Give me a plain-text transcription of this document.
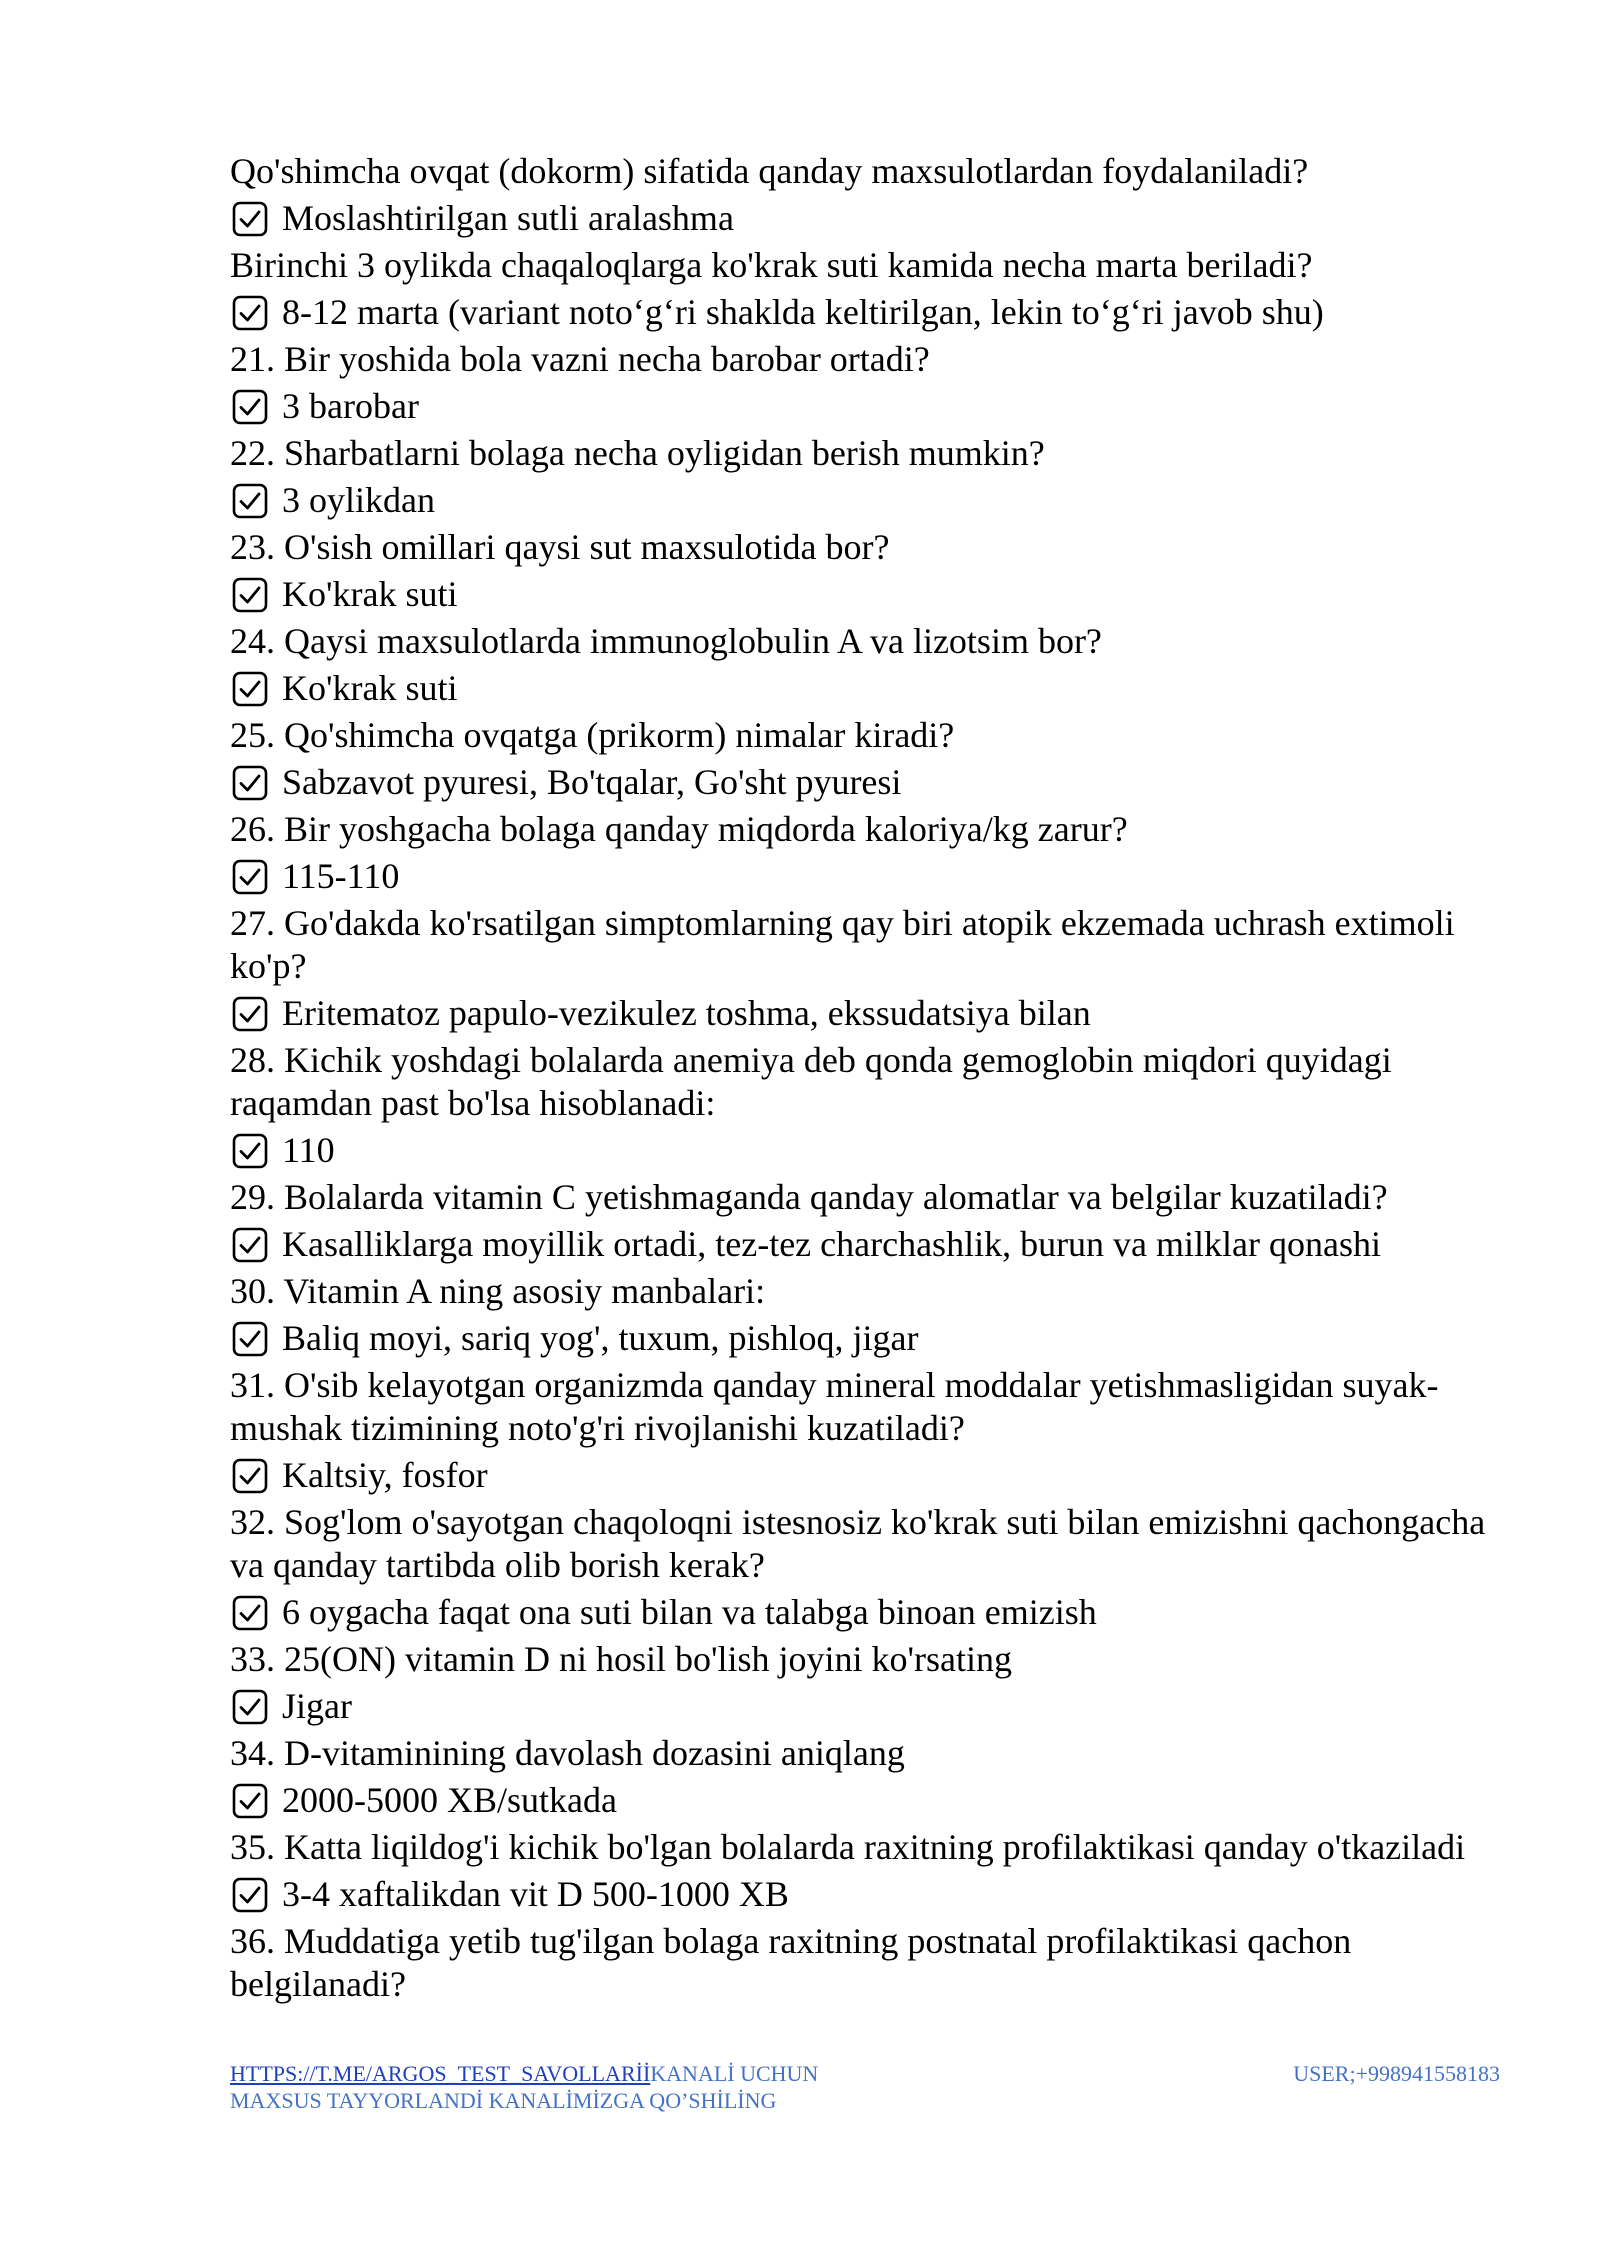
Qo'shimcha ovqat (dokorm) sifatida qanday maxsulotlardan foydalaniladi?

Moslashtirilgan sutli aralashma

Birinchi 3 oylikda chaqaloqlarga ko'krak suti kamida necha marta beriladi?

8-12 marta (variant noto‘g‘ri shaklda keltirilgan, lekin to‘g‘ri javob shu)

21. Bir yoshida bola vazni necha barobar ortadi?

3 barobar

22. Sharbatlarni bolaga necha oyligidan berish mumkin?

3 oylikdan

23. O'sish omillari qaysi sut maxsulotida bor?

Ko'krak suti

24. Qaysi maxsulotlarda immunoglobulin A va lizotsim bor?

Ko'krak suti

25. Qo'shimcha ovqatga (prikorm) nimalar kiradi?

Sabzavot pyuresi, Bo'tqalar, Go'sht pyuresi

26. Bir yoshgacha bolaga qanday miqdorda kaloriya/kg zarur?

115-110

27. Go'dakda ko'rsatilgan simptomlarning qay biri atopik ekzemada uchrash extimoli ko'p?

Eritematoz papulo-vezikulez toshma, ekssudatsiya bilan

28. Kichik yoshdagi bolalarda anemiya deb qonda gemoglobin miqdori quyidagi raqamdan past bo'lsa hisoblanadi:

110

29. Bolalarda vitamin C yetishmaganda qanday alomatlar va belgilar kuzatiladi?

Kasalliklarga moyillik ortadi, tez-tez charchashlik, burun va milklar qonashi

30. Vitamin A ning asosiy manbalari:

Baliq moyi, sariq yog', tuxum, pishloq, jigar

31. O'sib kelayotgan organizmda qanday mineral moddalar yetishmasligidan suyak-mushak tizimining noto'g'ri rivojlanishi kuzatiladi?

Kaltsiy, fosfor

32. Sog'lom o'sayotgan chaqoloqni istesnosiz ko'krak suti bilan emizishni qachongacha va qanday tartibda olib borish kerak?

6 oygacha faqat ona suti bilan va talabga binoan emizish

33. 25(ON) vitamin D ni hosil bo'lish joyini ko'rsating

Jigar

34. D-vitaminining davolash dozasini aniqlang

2000-5000 XB/sutkada

35. Katta liqildog'i kichik bo'lgan bolalarda raxitning profilaktikasi qanday o'tkaziladi

3-4 xaftalikdan vit D 500-1000 XB

36. Muddatiga yetib tug'ilgan bolaga raxitning postnatal profilaktikasi qachon belgilanadi?

HTTPS://T.ME/ARGOS_TEST_SAVOLLARİİKANALİ UCHUN MAXSUS TAYYORLANDİ KANALİMİZGA QO’SHİLİNG
USER;+998941558183
